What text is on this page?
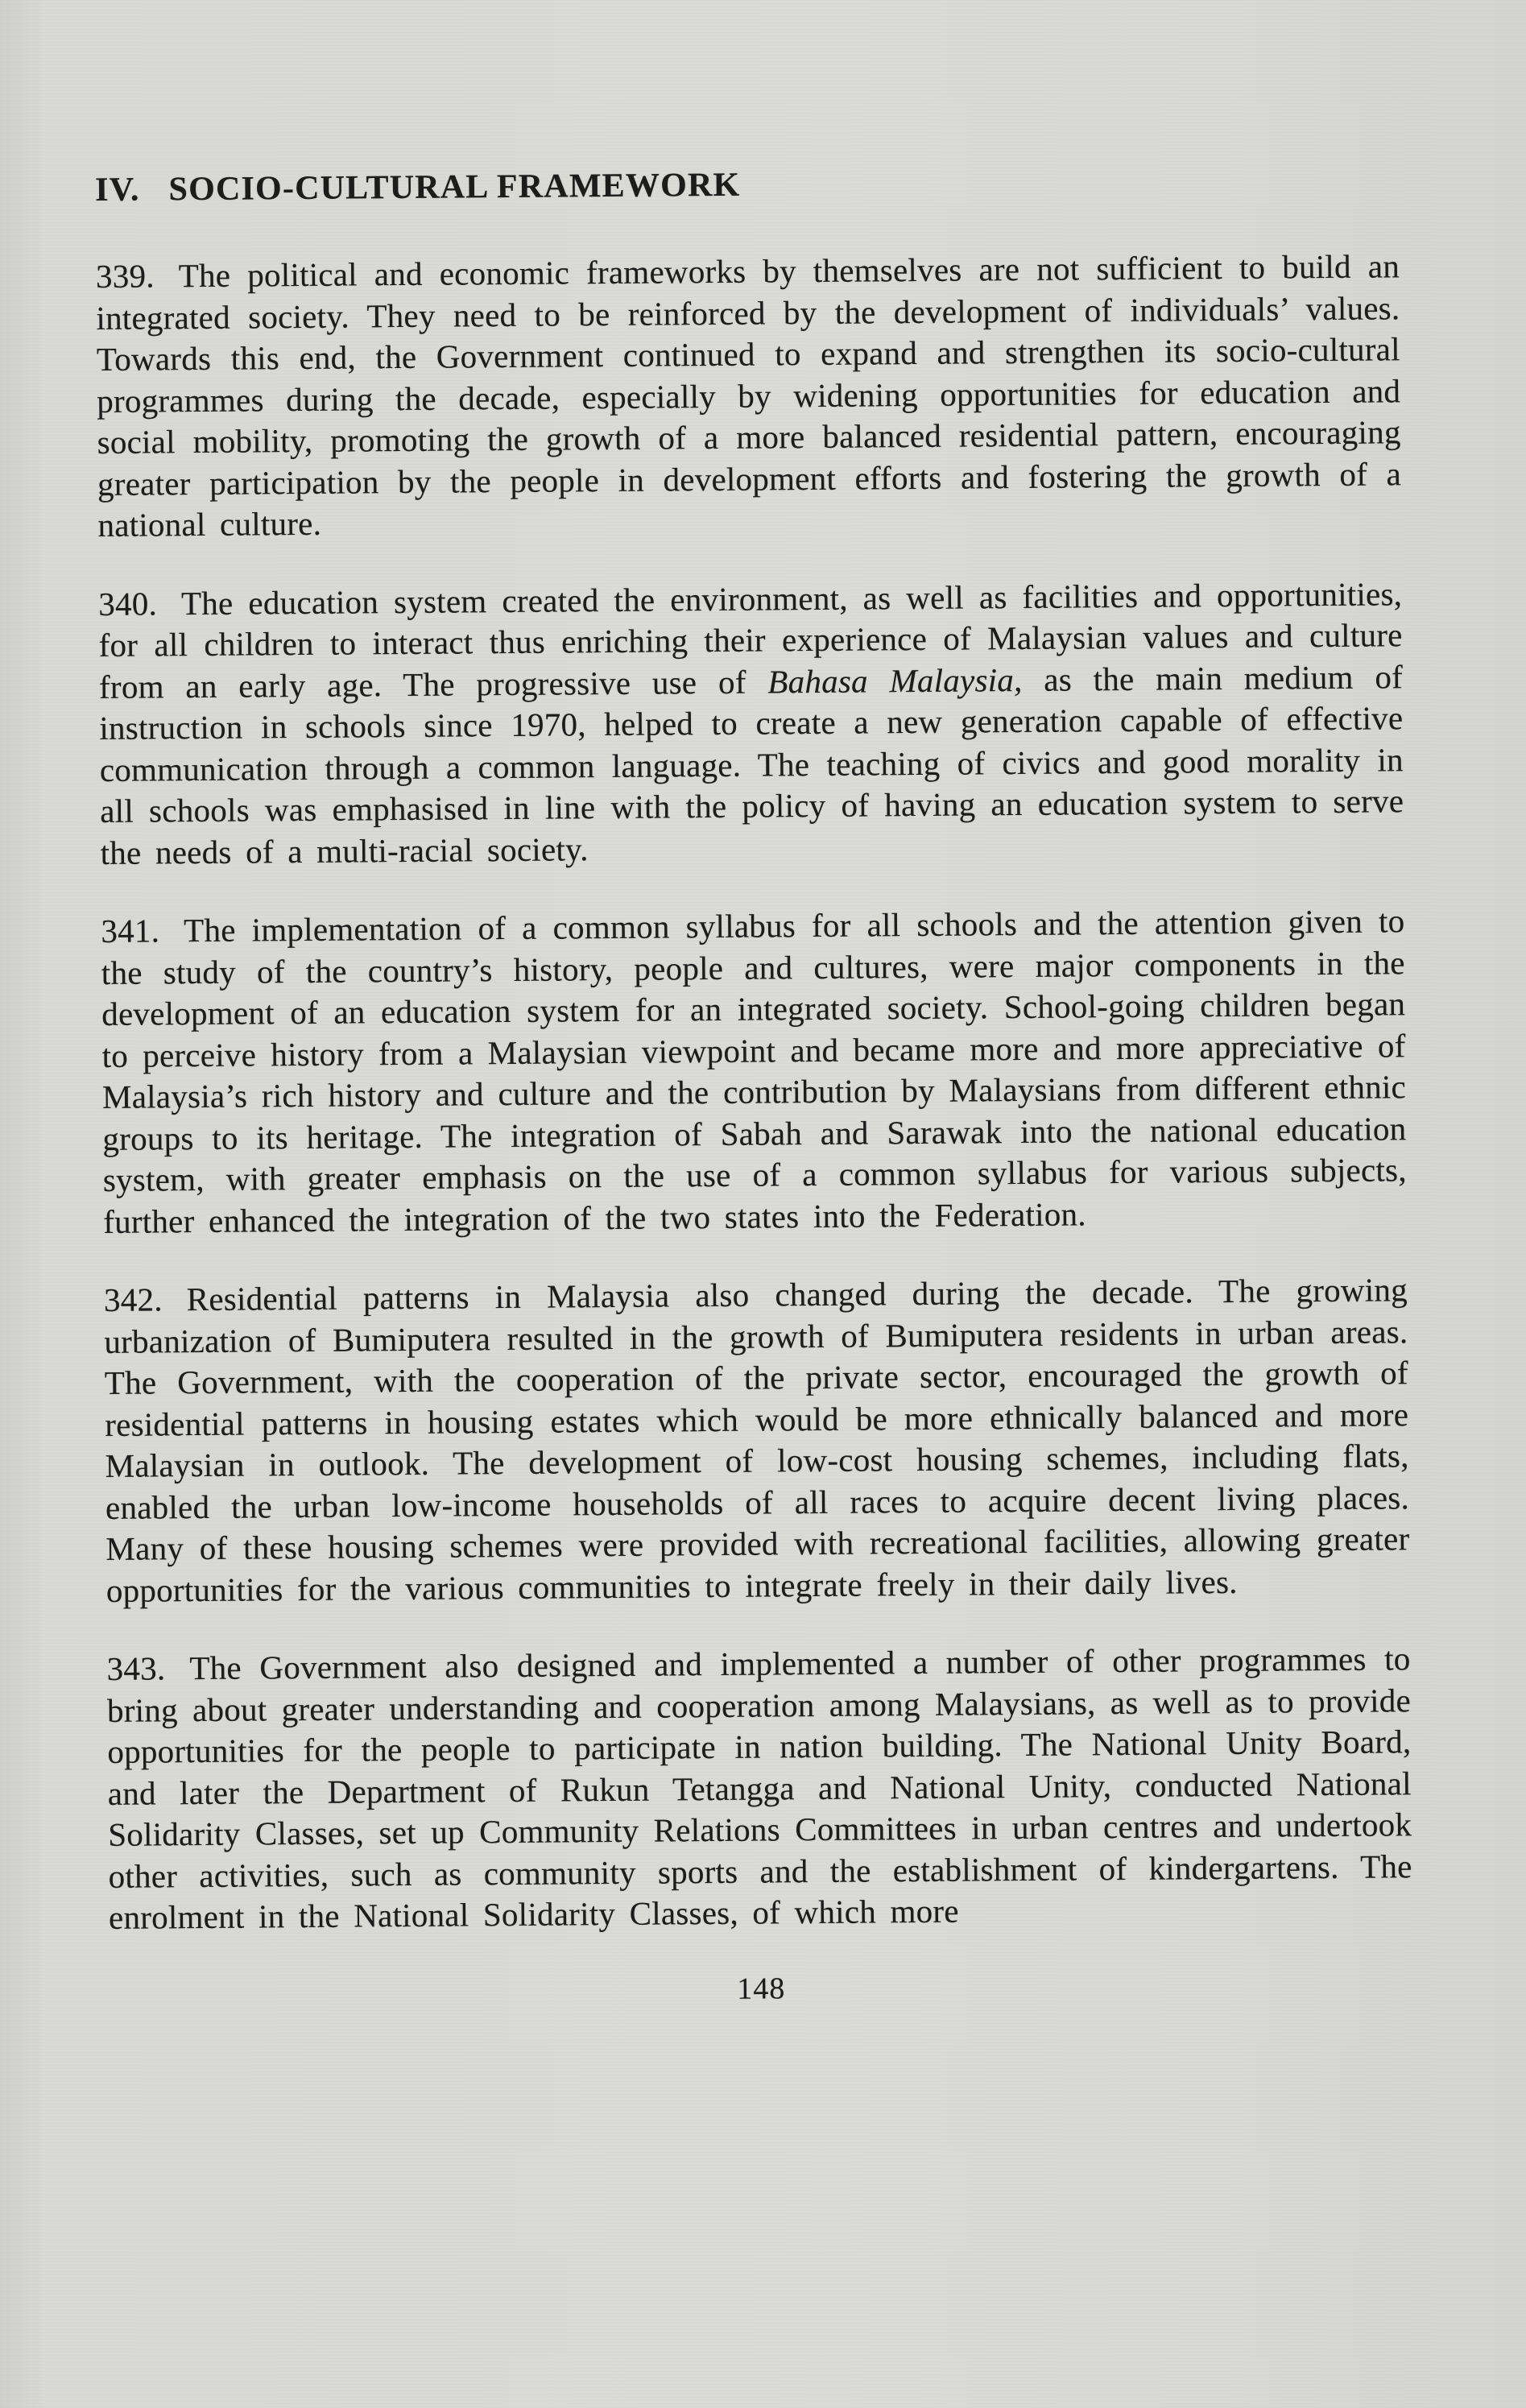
IV. SOCIO-CULTURAL FRAMEWORK

339. The political and economic frameworks by themselves are not sufficient to build an integrated society. They need to be reinforced by the development of individuals’ values. Towards this end, the Government continued to expand and strengthen its socio-cultural programmes during the decade, especially by widening opportunities for education and social mobility, promoting the growth of a more balanced residential pattern, encouraging greater participation by the people in development efforts and fostering the growth of a national culture.

340. The education system created the environment, as well as facilities and opportunities, for all children to interact thus enriching their experience of Malaysian values and culture from an early age. The progressive use of Bahasa Malaysia, as the main medium of instruction in schools since 1970, helped to create a new generation capable of effective communication through a common language. The teaching of civics and good morality in all schools was emphasised in line with the policy of having an education system to serve the needs of a multi-racial society.

341. The implementation of a common syllabus for all schools and the attention given to the study of the country’s history, people and cultures, were major components in the development of an education system for an integrated society. School-going children began to perceive history from a Malaysian viewpoint and became more and more appreciative of Malaysia’s rich history and culture and the contribution by Malaysians from different ethnic groups to its heritage. The integration of Sabah and Sarawak into the national education system, with greater emphasis on the use of a common syllabus for various subjects, further enhanced the integration of the two states into the Federation.

342. Residential patterns in Malaysia also changed during the decade. The growing urbanization of Bumiputera resulted in the growth of Bumiputera residents in urban areas. The Government, with the cooperation of the private sector, encouraged the growth of residential patterns in housing estates which would be more ethnically balanced and more Malaysian in outlook. The development of low-cost housing schemes, including flats, enabled the urban low-income households of all races to acquire decent living places. Many of these housing schemes were provided with recreational facilities, allowing greater opportunities for the various communities to integrate freely in their daily lives.

343. The Government also designed and implemented a number of other programmes to bring about greater understanding and cooperation among Malaysians, as well as to provide opportunities for the people to participate in nation building. The National Unity Board, and later the Department of Rukun Tetangga and National Unity, conducted National Solidarity Classes, set up Community Relations Committees in urban centres and undertook other activities, such as community sports and the establishment of kindergartens. The enrolment in the National Solidarity Classes, of which more

148
